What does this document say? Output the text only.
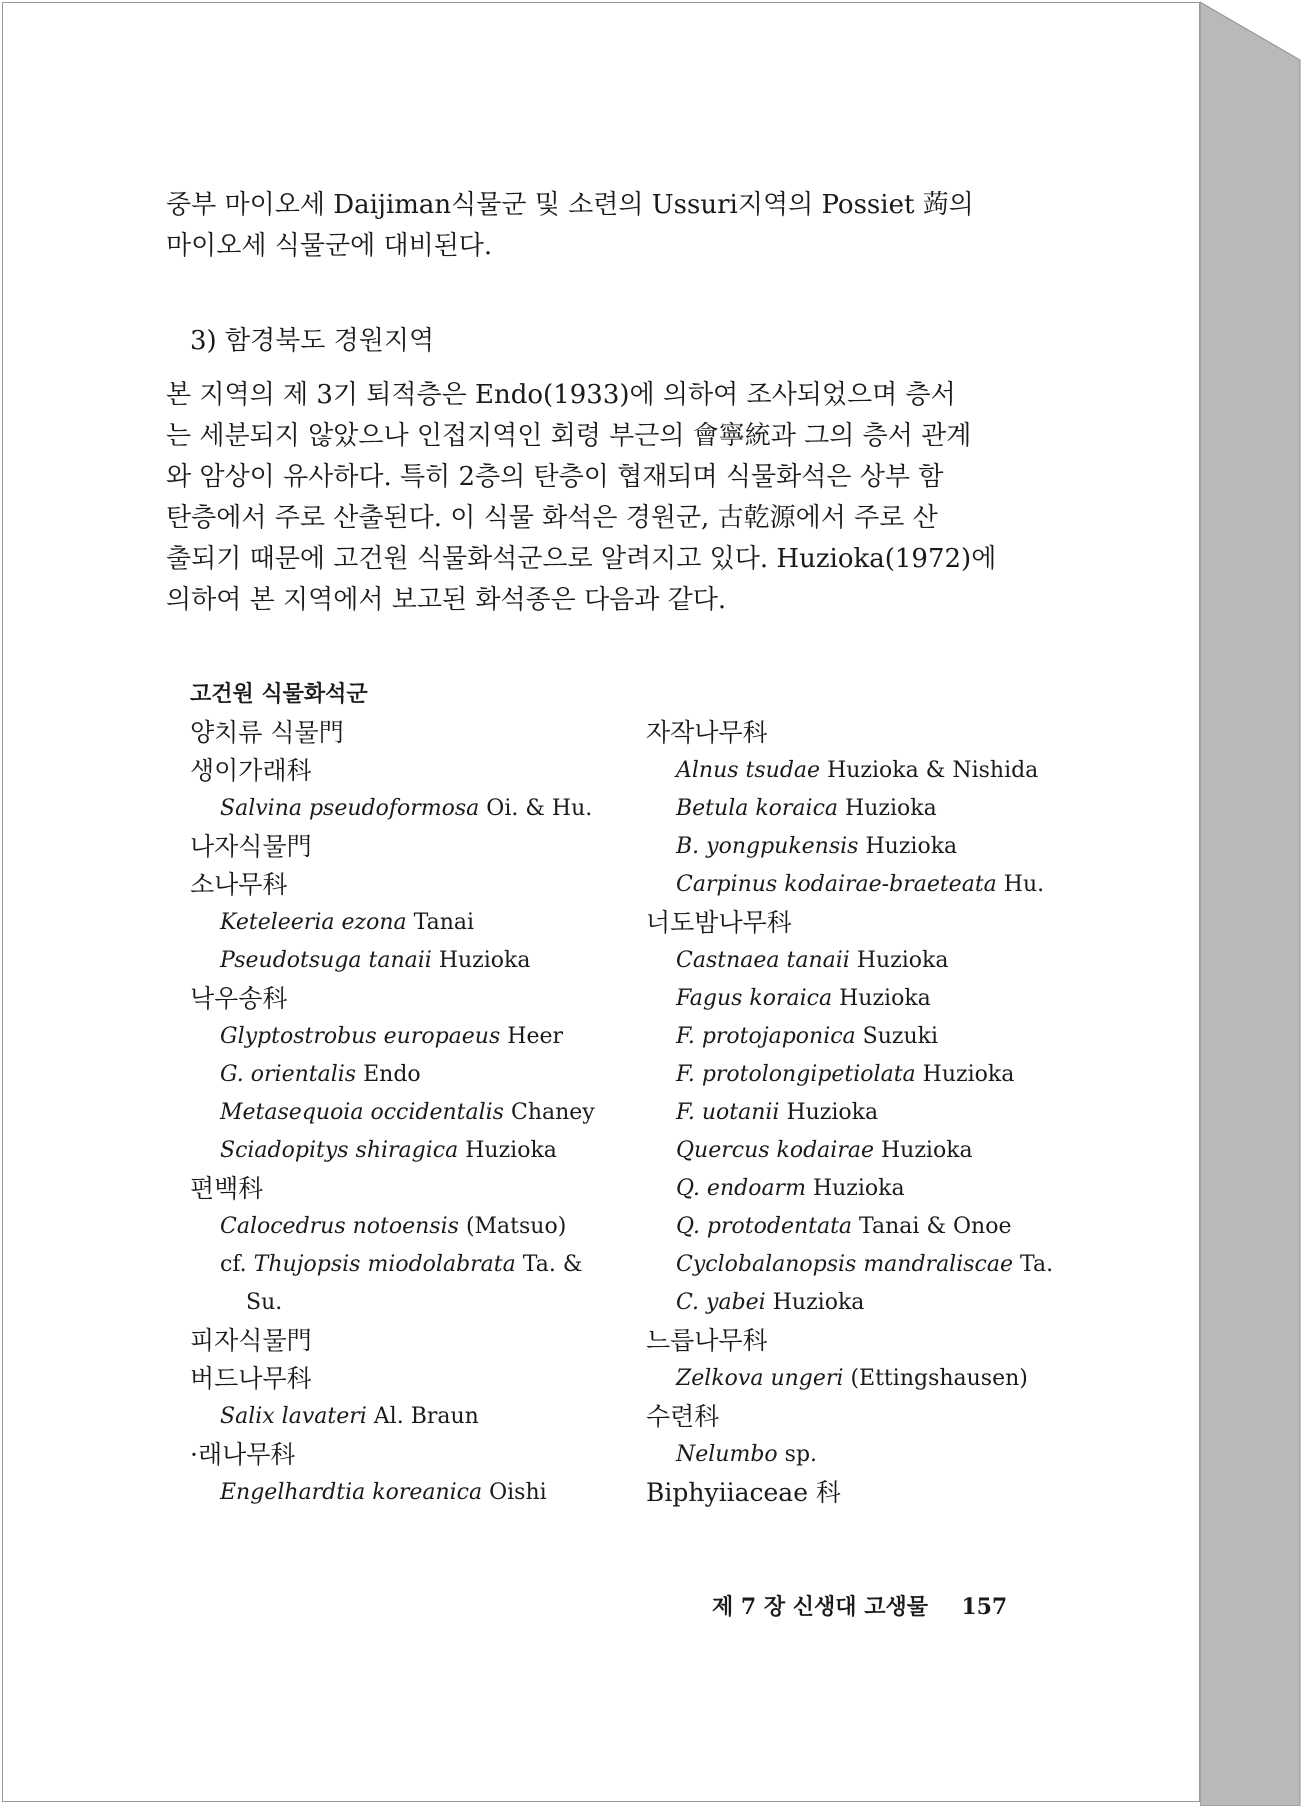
중부 마이오세 Daijiman식물군 및 소련의 Ussuri지역의 Possiet 蒟의
마이오세 식물군에 대비된다.
3) 함경북도 경원지역
본 지역의 제 3기 퇴적층은 Endo(1933)에 의하여 조사되었으며 층서
는 세분되지 않았으나 인접지역인 회령 부근의 會寧統과 그의 층서 관계
와 암상이 유사하다. 특히 2층의 탄층이 협재되며 식물화석은 상부 함
탄층에서 주로 산출된다. 이 식물 화석은 경원군, 古乾源에서 주로 산
출되기 때문에 고건원 식물화석군으로 알려지고 있다. Huzioka(1972)에
의하여 본 지역에서 보고된 화석종은 다음과 같다.
고건원 식물화석군
양치류 식물門
생이가래科
Salvina pseudoformosa Oi. & Hu.
나자식물門
소나무科
Keteleeria ezona Tanai
Pseudotsuga tanaii Huzioka
낙우송科
Glyptostrobus europaeus Heer
G. orientalis Endo
Metasequoia occidentalis Chaney
Sciadopitys shiragica Huzioka
편백科
Calocedrus notoensis (Matsuo)
cf. Thujopsis miodolabrata Ta. &
Su.
피자식물門
버드나무科
Salix lavateri Al. Braun
·래나무科
Engelhardtia koreanica Oishi
자작나무科
Alnus tsudae Huzioka & Nishida
Betula koraica Huzioka
B. yongpukensis Huzioka
Carpinus kodairae-braeteata Hu.
너도밤나무科
Castnaea tanaii Huzioka
Fagus koraica Huzioka
F. protojaponica Suzuki
F. protolongipetiolata Huzioka
F. uotanii Huzioka
Quercus kodairae Huzioka
Q. endoarm Huzioka
Q. protodentata Tanai & Onoe
Cyclobalanopsis mandraliscae Ta.
C. yabei Huzioka
느릅나무科
Zelkova ungeri (Ettingshausen)
수련科
Nelumbo sp.
Biphyiiaceae 科
제 7 장 신생대 고생물 157
